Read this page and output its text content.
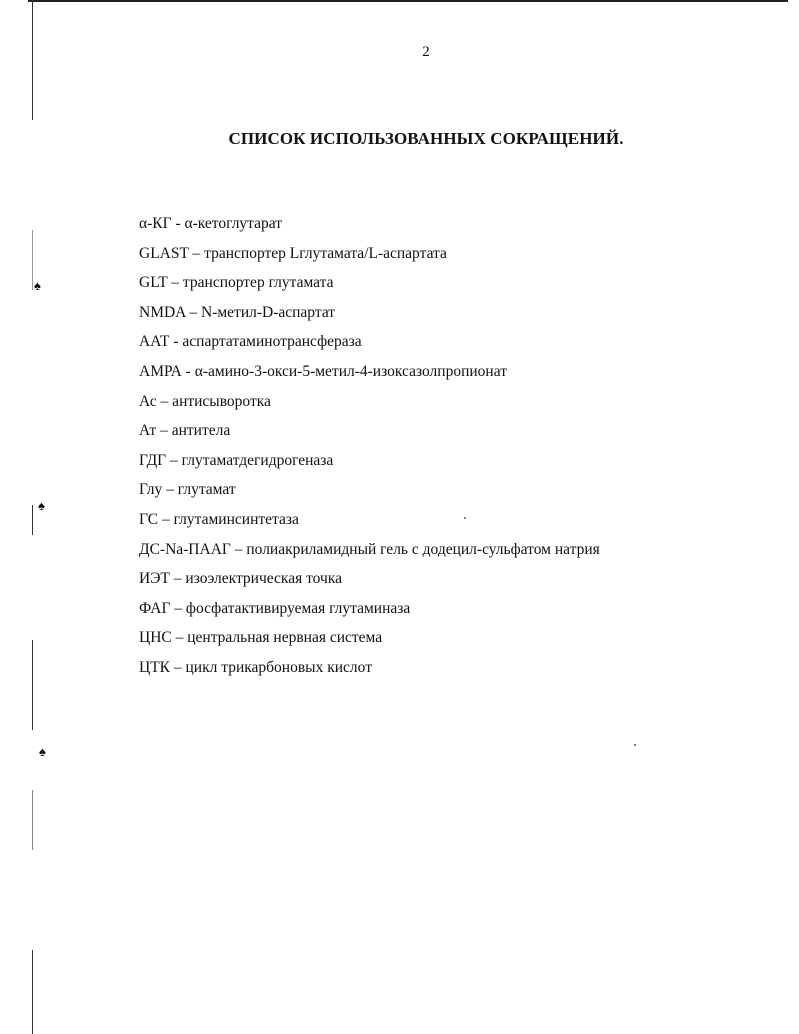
♠
♠
♠
2
СПИСОК ИСПОЛЬЗОВАННЫХ СОКРАЩЕНИЙ.
α-КГ - α-кетоглутарат
GLAST – транспортер Lглутамата/L-аспартата
GLT – транспортер глутамата
NMDA – N-метил-D-аспартат
ААТ - аспартатаминотрансфераза
АМРА - α-амино-3-окси-5-метил-4-изоксазолпропионат
Ас – антисыворотка
Ат – антитела
ГДГ – глутаматдегидрогеназа
Глу – глутамат
ГС – глутаминсинтетаза
ДС-Na-ПААГ – полиакриламидный гель с додецил-сульфатом натрия
ИЭТ – изоэлектрическая точка
ФАГ – фосфатактивируемая глутаминаза
ЦНС – центральная нервная система
ЦТК – цикл трикарбоновых кислот
